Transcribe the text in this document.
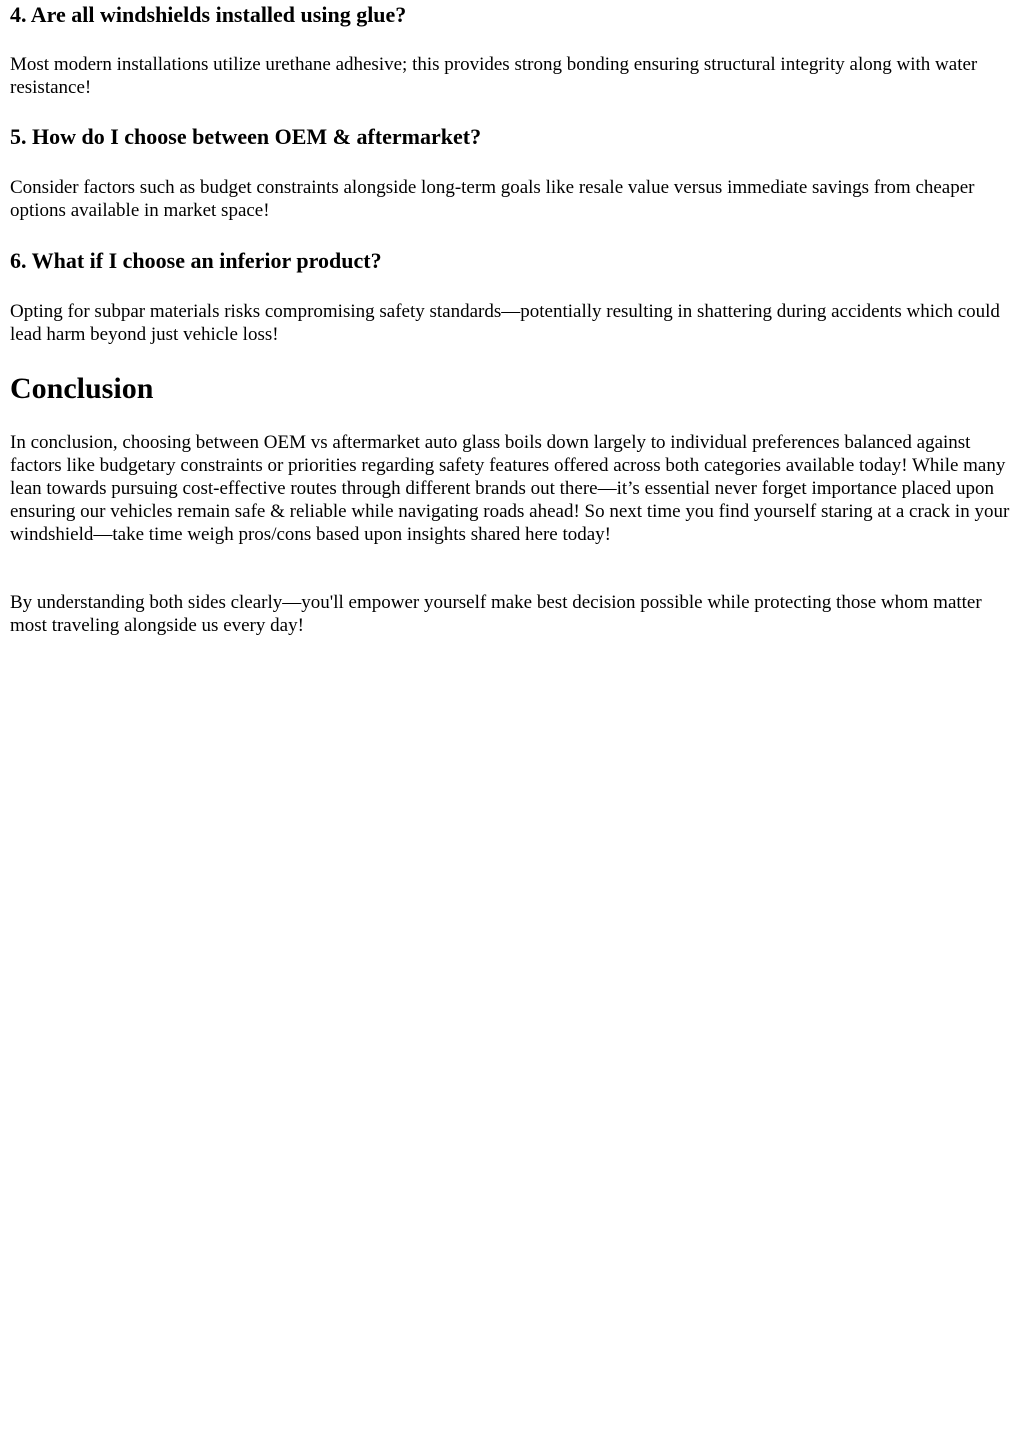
4. Are all windshields installed using glue?

Most modern installations utilize urethane adhesive; this provides strong bonding ensuring structural integrity along with water resistance!

5. How do I choose between OEM & aftermarket?

Consider factors such as budget constraints alongside long-term goals like resale value versus immediate savings from cheaper options available in market space!

6. What if I choose an inferior product?

Opting for subpar materials risks compromising safety standards—potentially resulting in shattering during accidents which could lead harm beyond just vehicle loss!

Conclusion

In conclusion, choosing between OEM vs aftermarket auto glass boils down largely to individual preferences balanced against factors like budgetary constraints or priorities regarding safety features offered across both categories available today! While many lean towards pursuing cost-effective routes through different brands out there—it’s essential never forget importance placed upon ensuring our vehicles remain safe & reliable while navigating roads ahead! So next time you find yourself staring at a crack in your windshield—take time weigh pros/cons based upon insights shared here today!

By understanding both sides clearly—you'll empower yourself make best decision possible while protecting those whom matter most traveling alongside us every day!
